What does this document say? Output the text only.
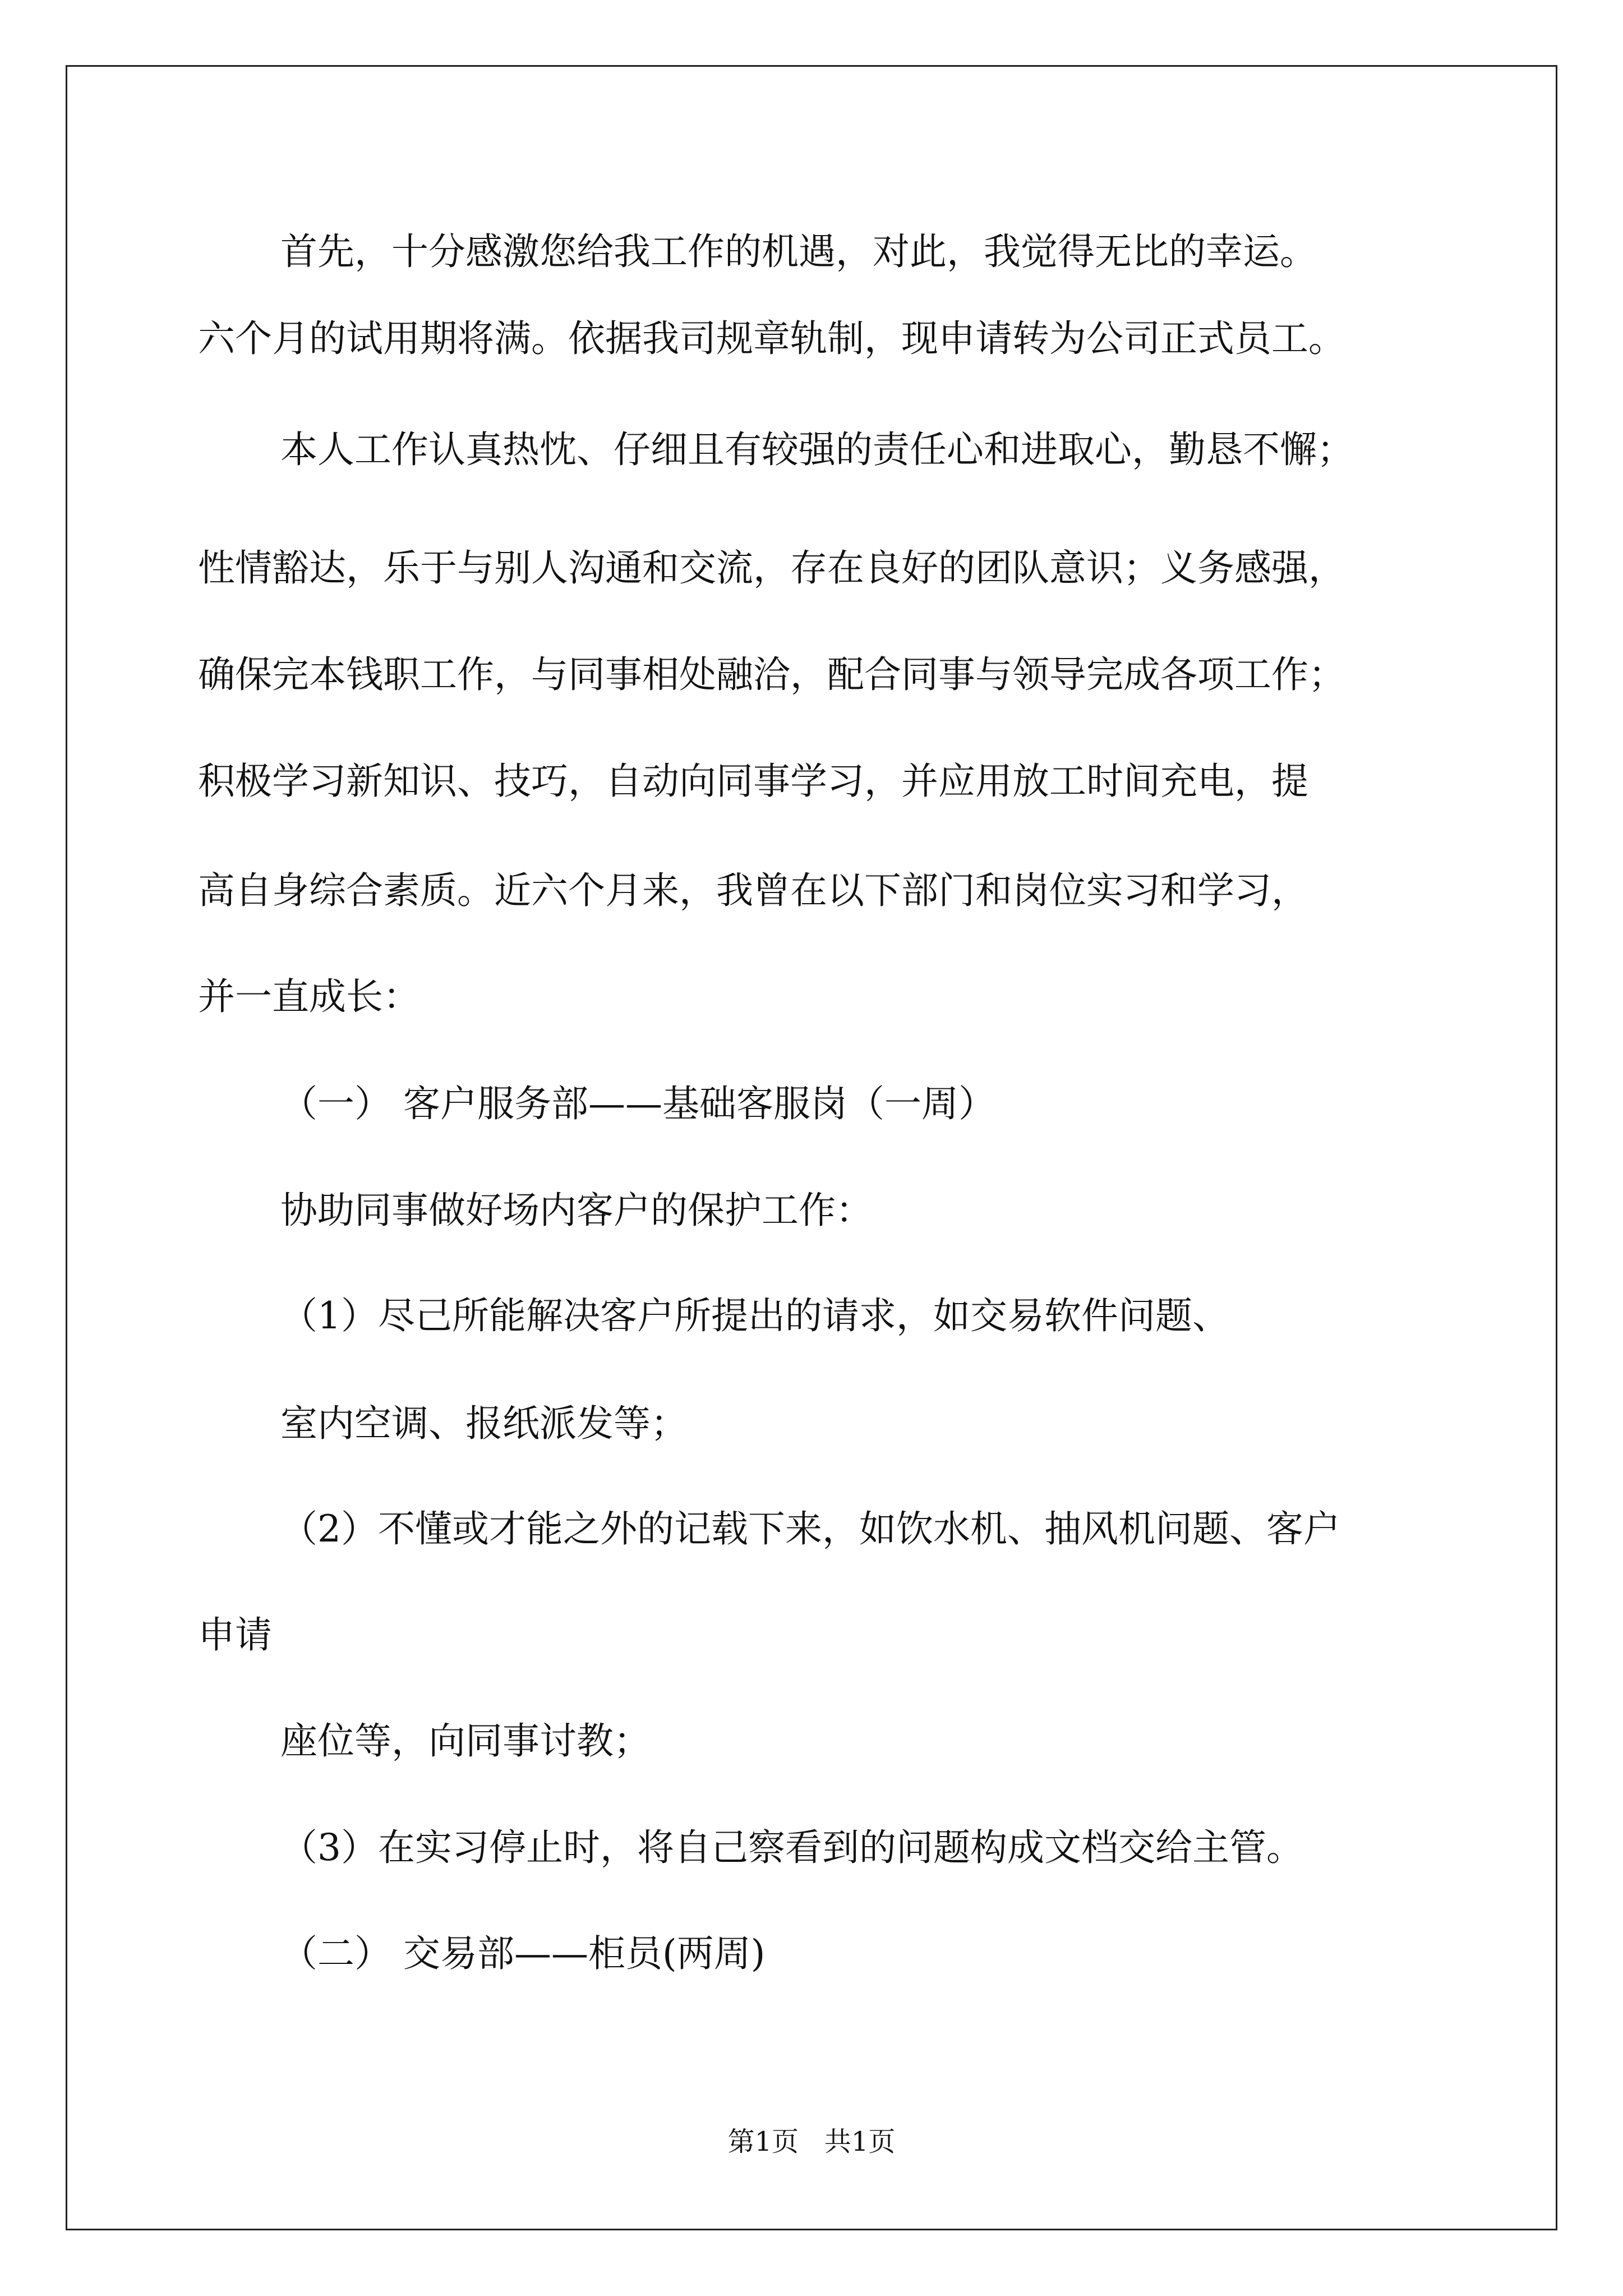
首先，十分感激您给我工作的机遇，对此，我觉得无比的幸运。
六个月的试用期将满。依据我司规章轨制，现申请转为公司正式员工。
本人工作认真热忱、仔细且有较强的责任心和进取心，勤恳不懈；
性情豁达，乐于与别人沟通和交流，存在良好的团队意识；义务感强，
确保完本钱职工作，与同事相处融洽，配合同事与领导完成各项工作；
积极学习新知识、技巧，自动向同事学习，并应用放工时间充电，提
高自身综合素质。近六个月来，我曾在以下部门和岗位实习和学习，
并一直成长：
（一） 客户服务部——基础客服岗（一周）
协助同事做好场内客户的保护工作：
（1）尽己所能解决客户所提出的请求，如交易软件问题、
室内空调、报纸派发等；
（2）不懂或才能之外的记载下来，如饮水机、抽风机问题、客户
申请
座位等，向同事讨教；
（3）在实习停止时，将自己察看到的问题构成文档交给主管。
（二） 交易部——柜员(两周)
第1页   共1页
